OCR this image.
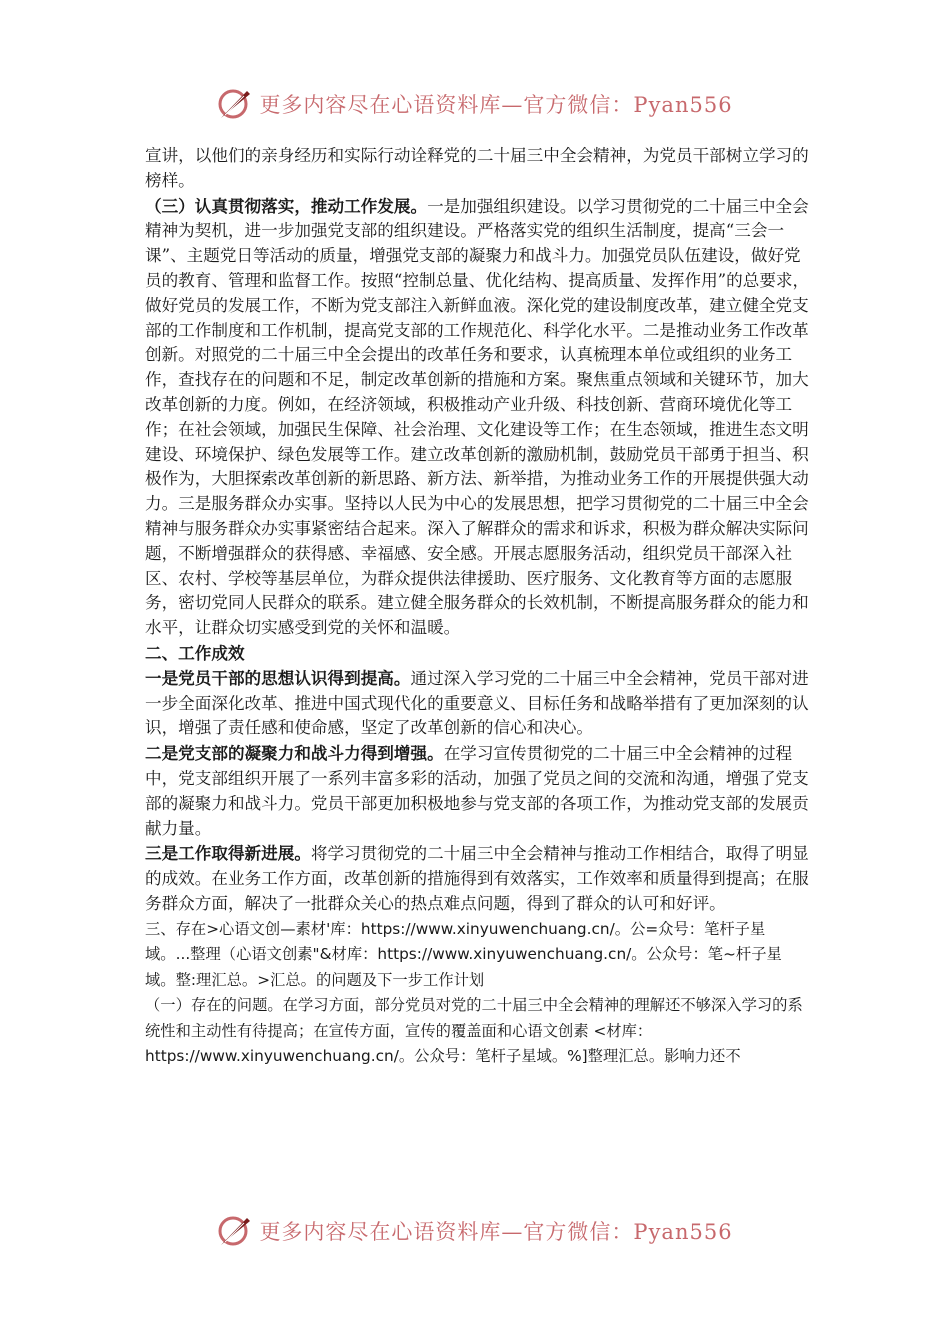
更多内容尽在心语资料库—官方微信：Pyan556

宣讲，以他们的亲身经历和实际行动诠释党的二十届三中全会精神，为党员干部树立学习的榜样。

（三）认真贯彻落实，推动工作发展。一是加强组织建设。以学习贯彻党的二十届三中全会精神为契机，进一步加强党支部的组织建设。严格落实党的组织生活制度，提高“三会一课”、主题党日等活动的质量，增强党支部的凝聚力和战斗力。加强党员队伍建设，做好党员的教育、管理和监督工作。按照“控制总量、优化结构、提高质量、发挥作用”的总要求，做好党员的发展工作，不断为党支部注入新鲜血液。深化党的建设制度改革，建立健全党支部的工作制度和工作机制，提高党支部的工作规范化、科学化水平。二是推动业务工作改革创新。对照党的二十届三中全会提出的改革任务和要求，认真梳理本单位或组织的业务工作，查找存在的问题和不足，制定改革创新的措施和方案。聚焦重点领域和关键环节，加大改革创新的力度。例如，在经济领域，积极推动产业升级、科技创新、营商环境优化等工作；在社会领域，加强民生保障、社会治理、文化建设等工作；在生态领域，推进生态文明建设、环境保护、绿色发展等工作。建立改革创新的激励机制，鼓励党员干部勇于担当、积极作为，大胆探索改革创新的新思路、新方法、新举措，为推动业务工作的开展提供强大动力。三是服务群众办实事。坚持以人民为中心的发展思想，把学习贯彻党的二十届三中全会精神与服务群众办实事紧密结合起来。深入了解群众的需求和诉求，积极为群众解决实际问题，不断增强群众的获得感、幸福感、安全感。开展志愿服务活动，组织党员干部深入社区、农村、学校等基层单位，为群众提供法律援助、医疗服务、文化教育等方面的志愿服务，密切党同人民群众的联系。建立健全服务群众的长效机制，不断提高服务群众的能力和水平，让群众切实感受到党的关怀和温暖。

二、工作成效

一是党员干部的思想认识得到提高。通过深入学习党的二十届三中全会精神，党员干部对进一步全面深化改革、推进中国式现代化的重要意义、目标任务和战略举措有了更加深刻的认识，增强了责任感和使命感，坚定了改革创新的信心和决心。

二是党支部的凝聚力和战斗力得到增强。在学习宣传贯彻党的二十届三中全会精神的过程中，党支部组织开展了一系列丰富多彩的活动，加强了党员之间的交流和沟通，增强了党支部的凝聚力和战斗力。党员干部更加积极地参与党支部的各项工作，为推动党支部的发展贡献力量。

三是工作取得新进展。将学习贯彻党的二十届三中全会精神与推动工作相结合，取得了明显的成效。在业务工作方面，改革创新的措施得到有效落实，工作效率和质量得到提高；在服务群众方面，解决了一批群众关心的热点难点问题，得到了群众的认可和好评。

三、存在>心语文创—素材'库：https://www.xinyuwenchuang.cn/。公=众号：笔杆子星域。...整理（心语文创素"&材库：https://www.xinyuwenchuang.cn/。公众号：笔~杆子星域。整:理汇总。>汇总。的问题及下一步工作计划

（一）存在的问题。在学习方面，部分党员对党的二十届三中全会精神的理解还不够深入学习的系统性和主动性有待提高；在宣传方面，宣传的覆盖面和心语文创素 <材库：https://www.xinyuwenchuang.cn/。公众号：笔杆子星域。%]整理汇总。影响力还不

更多内容尽在心语资料库—官方微信：Pyan556
